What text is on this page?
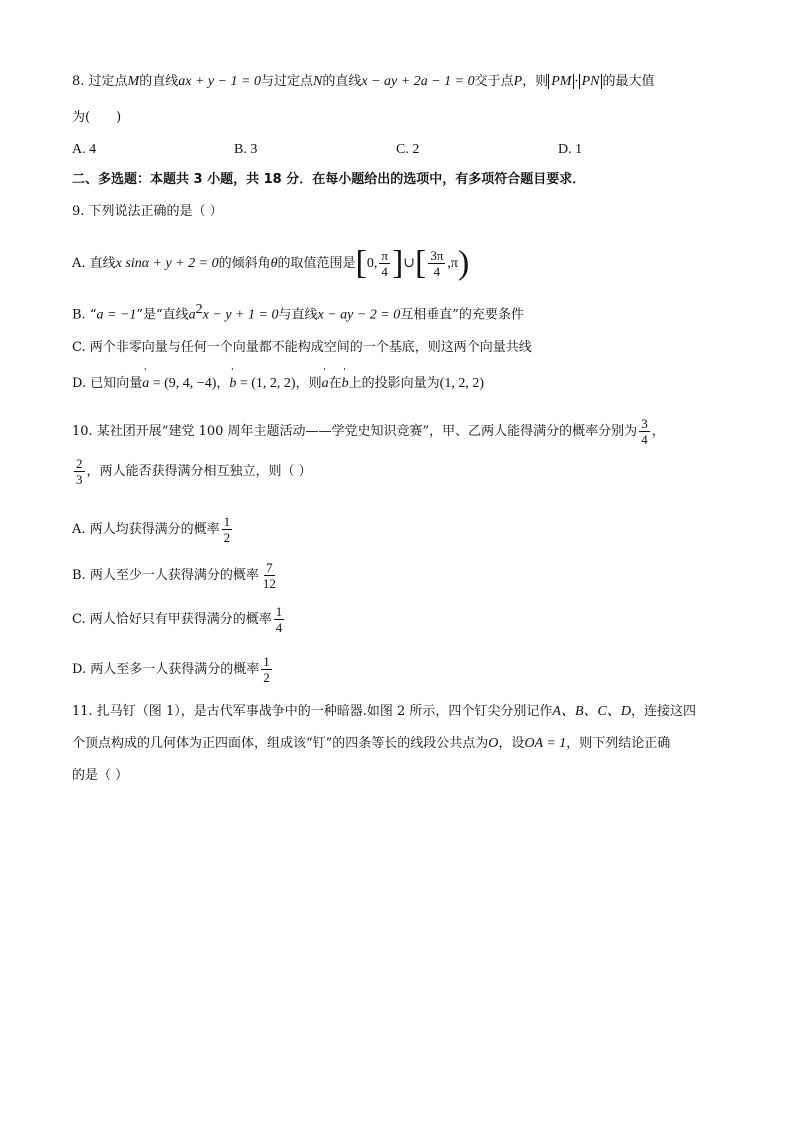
8. 过定点M的直线ax + y − 1 = 0与过定点N的直线x − ay + 2a − 1 = 0交于点P，则 PM · PN 的最大值
为(　　)
A. 4	B. 3	C. 2	D. 1
二、多选题：本题共 3 小题，共 18 分．在每小题给出的选项中，有多项符合题目要求．
9. 下列说法正确的是（ ）
A. 直线x sinα + y + 2 = 0的倾斜角θ的取值范围是[0, $\frac{\pi}{4}$ ]∪[ $\frac{3\pi}{4} ,\pi$)
B. “a = −1”是“直线$a^2x - y + 1 = 0$与直线x − ay − 2 = 0互相垂直”的充要条件
C. 两个非零向量与任何一个向量都不能构成空间的一个基底，则这两个向量共线
D. 已知向量' a = (9, 4, −4)，' b = (1, 2, 2)，则' a在' b上的投影向量为(1, 2, 2)
10. 某社团开展“建党 100 周年主题活动——学党史知识竞赛”，甲、乙两人能得满分的概率分别为 $\frac{3}{4}$ ，
$\frac{2}{3}$ ，两人能否获得满分相互独立，则（ ）
A. 两人均获得满分的概率 $\frac{1}{2}$
B. 两人至少一人获得满分的概率 $\frac{7}{12}$
C. 两人恰好只有甲获得满分的概率 $\frac{1}{4}$
D. 两人至多一人获得满分的概率 $\frac{1}{2}$
11. 扎马钉（图 1），是古代军事战争中的一种暗器.如图 2 所示，四个钉尖分别记作A、B、C、D，连接这四
个顶点构成的几何体为正四面体，组成该“钉”的四条等长的线段公共点为O，设OA = 1，则下列结论正确
的是（ ）
